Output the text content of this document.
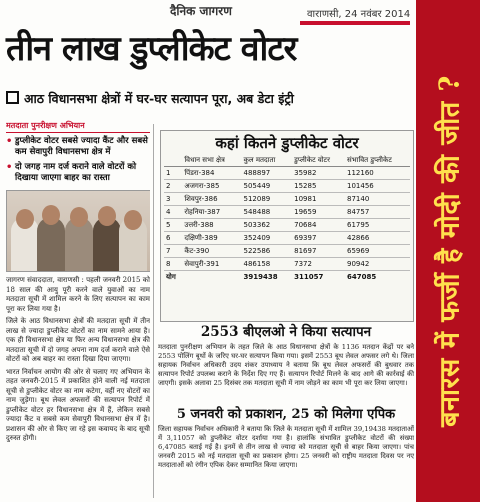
दैनिक जागरण	वाराणसी, 24 नवंबर 2014
तीन लाख डुप्लीकेट वोटर
आठ विधानसभा क्षेत्रों में घर-घर सत्यापन पूरा, अब डेटा इंट्री
मतदाता पुनरीक्षण अभियान
• डुप्लीकेट वोटर सबसे ज्यादा कैंट और सबसे कम सेवापुरी विधानसभा क्षेत्र में
• दो जगह नाम दर्ज कराने वाले वोटरों को दिखाया जाएगा बाहर का रास्ता

जागरण संवाददाता, वाराणसी : पहली जनवरी 2015 को 18 साल की आयु पूरी करने वाले युवाओं का नाम मतदाता सूची में शामिल करने के लिए सत्यापन का काम पूरा कर लिया गया है।

जिले के आठ विधानसभा क्षेत्रों की मतदाता सूची में तीन लाख से ज्यादा डुप्लीकेट वोटरों का नाम सामने आया है। एक ही विधानसभा क्षेत्र या फिर अन्य विधानसभा क्षेत्र की मतदाता सूची में दो जगह अपना नाम दर्ज कराने वाले ऐसे वोटरों को अब बाहर का रास्ता दिखा दिया जाएगा।

भारत निर्वाचन आयोग की ओर से चलाए गए अभियान के तहत जनवरी-2015 में प्रकाशित होने वाली नई मतदाता सूची से डुप्लीकेट वोटर का नाम कटेगा, वहीं नए वोटरों का नाम जुड़ेगा। बूथ लेवल अफसरों की सत्यापन रिपोर्ट में डुप्लीकेट वोटर हर विधानसभा क्षेत्र में हैं, लेकिन सबसे ज्यादा कैंट व सबसे कम सेवापुरी विधानसभा क्षेत्र में है। प्रशासन की ओर से किए जा रहे इस कवायद के बाद सूची दुरुस्त होगी।

कहां कितने डुप्लीकेट वोटर
	विधान सभा क्षेत्र	कुल मतदाता	डुप्लीकेट वोटर	संभावित डुप्लीकेट
1	पिंडरा-384	488897	35982	112160
2	अजगरा-385	505449	15285	101456
3	शिवपुर-386	512089	10981	87140
4	रोहनिया-387	548488	19659	84757
5	उत्तरी-388	503362	70684	61795
6	दक्षिणी-389	352409	69397	42866
7	कैंट-390	522586	81697	65969
8	सेवापुरी-391	486158	7372	90942
योग		3919438	311057	647085
2553 बीएलओ ने किया सत्यापन
मतदाता पुनरीक्षण अभियान के तहत जिले के आठ विधानसभा क्षेत्रों के 1136 मतदान केंद्रों पर बने 2553 पोलिंग बूथों के जरिए घर-घर सत्यापन किया गया। इसमें 2553 बूथ लेवल अफसर लगे थे। जिला सहायक निर्वाचन अधिकारी उदय शंकर उपाध्याय ने बताया कि बूथ लेवल अफसरों की बुधवार तक सत्यापन रिपोर्ट उपलब्ध कराने के निर्देश दिए गए हैं। सत्यापन रिपोर्ट मिलने के बाद आगे की कार्रवाई की जाएगी। इसके अलावा 25 दिसंबर तक मतदाता सूची में नाम जोड़ने का काम भी पूरा कर लिया जाएगा।
5 जनवरी को प्रकाशन, 25 को मिलेगा एपिक
जिला सहायक निर्वाचन अधिकारी ने बताया कि जिले के मतदाता सूची में शामिल 39,19438 मतदाताओं में 3,11057 को डुप्लीकेट वोटर दर्शाया गया है। हालांकि संभावित डुप्लीकेट वोटरों की संख्या 6,47085 बताई गई है। इनमें से तीन लाख से ज्यादा को मतदाता सूची से बाहर किया जाएगा। पांच जनवरी 2015 को नई मतदाता सूची का प्रकाशन होगा। 25 जनवरी को राष्ट्रीय मतदाता दिवस पर नए मतदाताओं को रंगीन एपिक देकर सम्मानित किया जाएगा।
बनारस में फर्जी है मोदी की जीत ?
